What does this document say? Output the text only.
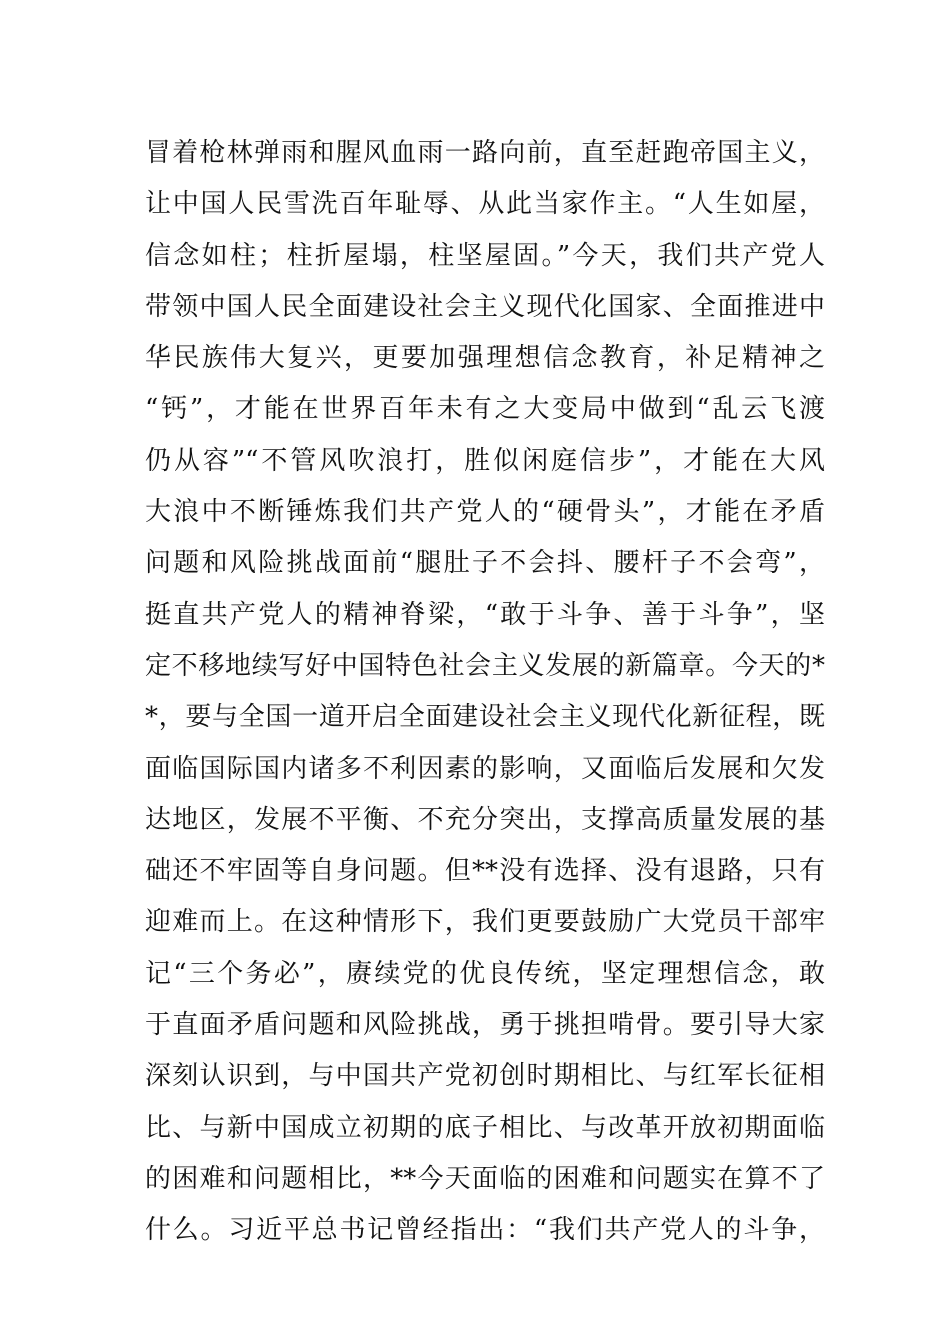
冒着枪林弹雨和腥风血雨一路向前，直至赶跑帝国主义，
让中国人民雪洗百年耻辱、从此当家作主。“人生如屋，
信念如柱；柱折屋塌，柱坚屋固。”今天，我们共产党人
带领中国人民全面建设社会主义现代化国家、全面推进中
华民族伟大复兴，更要加强理想信念教育，补足精神之
“钙”，才能在世界百年未有之大变局中做到“乱云飞渡
仍从容”“不管风吹浪打，胜似闲庭信步”，才能在大风
大浪中不断锤炼我们共产党人的“硬骨头”，才能在矛盾
问题和风险挑战面前“腿肚子不会抖、腰杆子不会弯”，
挺直共产党人的精神脊梁，“敢于斗争、善于斗争”，坚
定不移地续写好中国特色社会主义发展的新篇章。今天的*
*，要与全国一道开启全面建设社会主义现代化新征程，既
面临国际国内诸多不利因素的影响，又面临后发展和欠发
达地区，发展不平衡、不充分突出，支撑高质量发展的基
础还不牢固等自身问题。但**没有选择、没有退路，只有
迎难而上。在这种情形下，我们更要鼓励广大党员干部牢
记“三个务必”，赓续党的优良传统，坚定理想信念，敢
于直面矛盾问题和风险挑战，勇于挑担啃骨。要引导大家
深刻认识到，与中国共产党初创时期相比、与红军长征相
比、与新中国成立初期的底子相比、与改革开放初期面临
的困难和问题相比，**今天面临的困难和问题实在算不了
什么。习近平总书记曾经指出：“我们共产党人的斗争，
